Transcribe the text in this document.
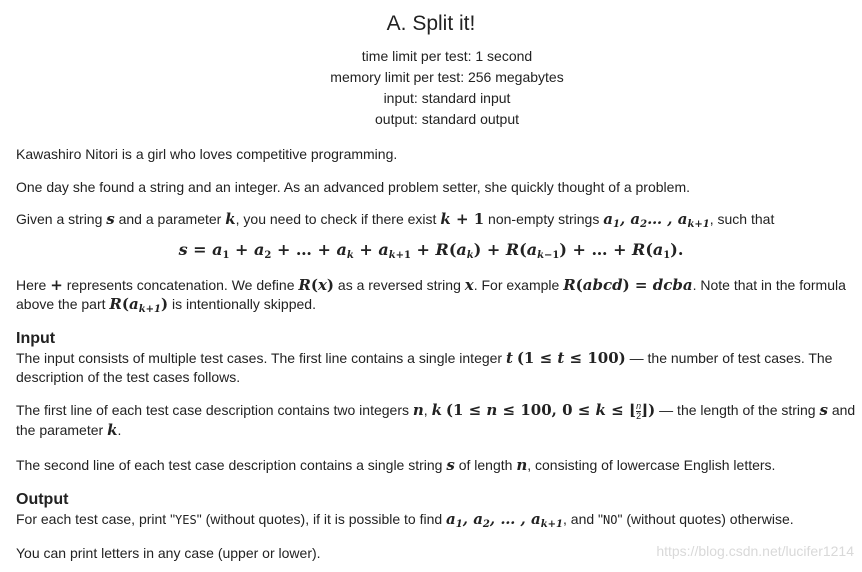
A. Split it!
time limit per test: 1 second
memory limit per test: 256 megabytes
input: standard input
output: standard output
Kawashiro Nitori is a girl who loves competitive programming.
One day she found a string and an integer. As an advanced problem setter, she quickly thought of a problem.
Given a string s and a parameter k, you need to check if there exist k + 1 non-empty strings $a_1$, $a_2\dots$ , $a_{k+1}$, such that
$s = a_1 + a_2$ + … + $a_k + a_{k+1} + R(a_k) + R(a_{k-1})$ + … + $R(a_1)$.
Here + represents concatenation. We define R(x) as a reversed string x. For example R(abcd) = dcba. Note that in the formula
above the part $R(a_{k+1})$ is intentionally skipped.
Input
The input consists of multiple test cases. The first line contains a single integer t (1 ≤ t ≤ 100) — the number of test cases. The
description of the test cases follows.
The first line of each test case description contains two integers n, k (1 ≤ n ≤ 100, 0 ≤ k ≤ ⌊ $\frac{n}{2}$ ⌋) — the length of the string s and
the parameter k.
The second line of each test case description contains a single string s of length n, consisting of lowercase English letters.
Output
For each test case, print "YES" (without quotes), if it is possible to find $a_1$, $a_2$, … , $a_{k+1}$, and "NO" (without quotes) otherwise.
You can print letters in any case (upper or lower).	https://blog.csdn.net/lucifer1214
